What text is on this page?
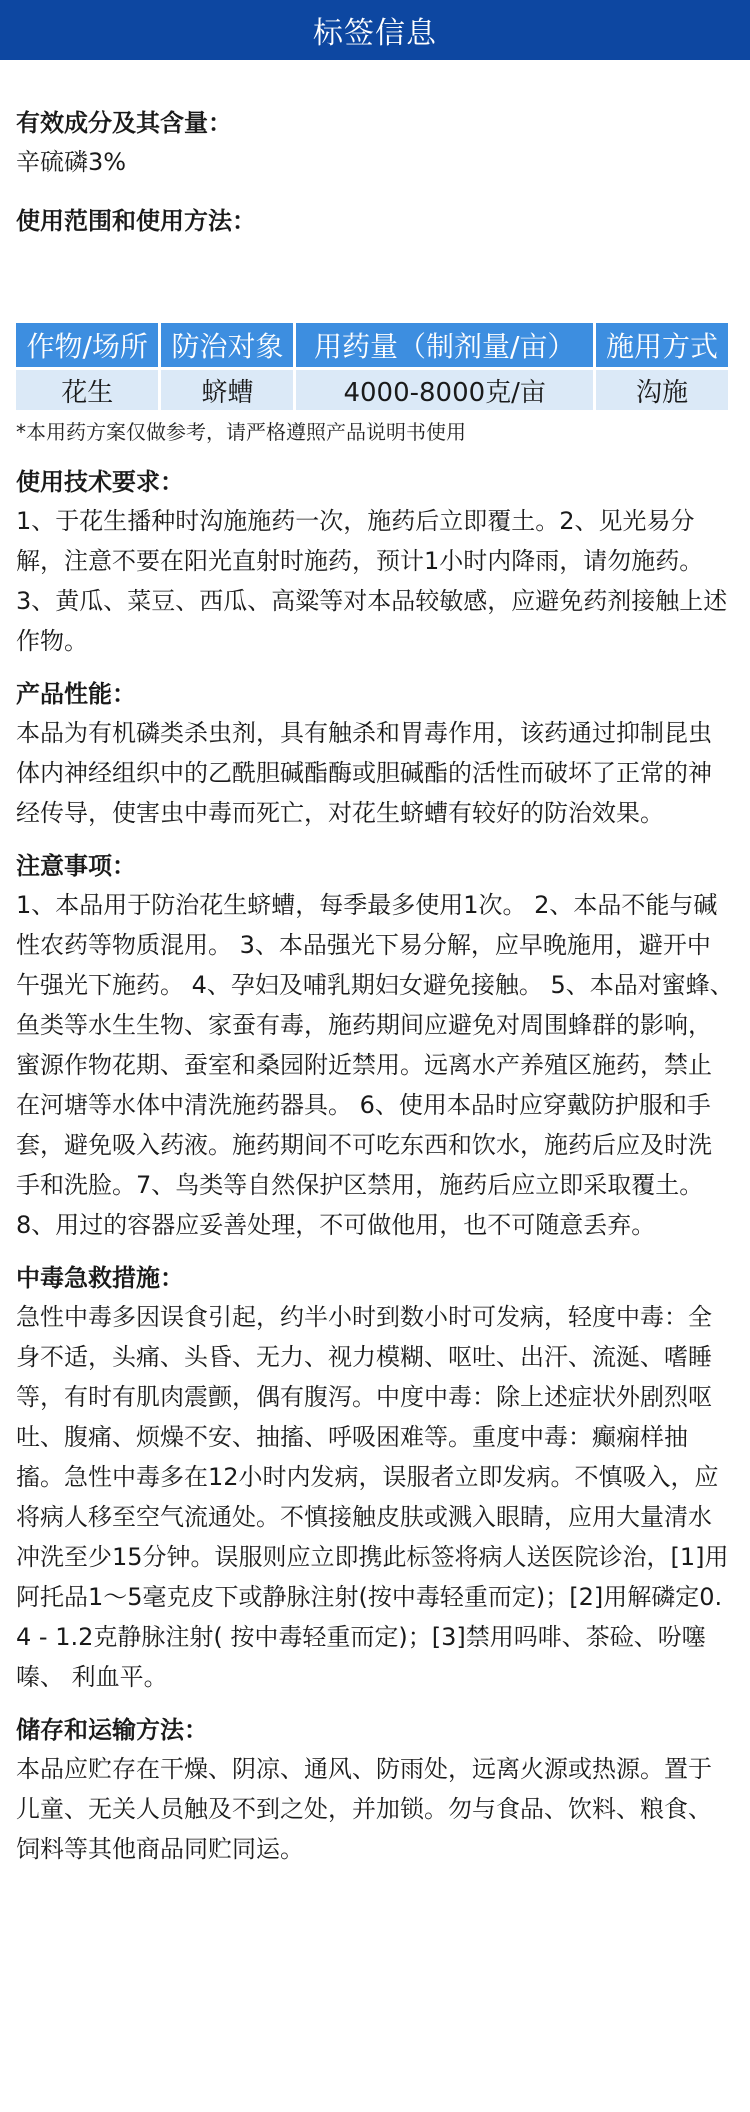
标签信息

有效成分及其含量：

辛硫磷3%

使用范围和使用方法：

作物/场所	防治对象	用药量（制剂量/亩）	施用方式
花生	蛴螬	4000-8000克/亩	沟施

*本用药方案仅做参考，请严格遵照产品说明书使用

使用技术要求：

1、于花生播种时沟施施药一次，施药后立即覆土。2、见光易分解，注意不要在阳光直射时施药，预计1小时内降雨，请勿施药。3、黄瓜、菜豆、西瓜、高粱等对本品较敏感，应避免药剂接触上述作物。

产品性能：

本品为有机磷类杀虫剂，具有触杀和胃毒作用，该药通过抑制昆虫体内神经组织中的乙酰胆碱酯酶或胆碱酯的活性而破坏了正常的神经传导，使害虫中毒而死亡，对花生蛴螬有较好的防治效果。

注意事项：

1、本品用于防治花生蛴螬，每季最多使用1次。 2、本品不能与碱性农药等物质混用。 3、本品强光下易分解，应早晚施用，避开中午强光下施药。 4、孕妇及哺乳期妇女避免接触。 5、本品对蜜蜂、鱼类等水生生物、家蚕有毒，施药期间应避免对周围蜂群的影响，蜜源作物花期、蚕室和桑园附近禁用。远离水产养殖区施药，禁止在河塘等水体中清洗施药器具。 6、使用本品时应穿戴防护服和手套，避免吸入药液。施药期间不可吃东西和饮水，施药后应及时洗手和洗脸。7、鸟类等自然保护区禁用，施药后应立即采取覆土。8、用过的容器应妥善处理，不可做他用，也不可随意丢弃。

中毒急救措施：

急性中毒多因误食引起，约半小时到数小时可发病，轻度中毒：全身不适，头痛、头昏、无力、视力模糊、呕吐、出汗、流涎、嗜睡等，有时有肌肉震颤，偶有腹泻。中度中毒：除上述症状外剧烈呕吐、腹痛、烦燥不安、抽搐、呼吸困难等。重度中毒：癫痫样抽搐。急性中毒多在12小时内发病，误服者立即发病。不慎吸入，应将病人移至空气流通处。不慎接触皮肤或溅入眼睛，应用大量清水冲洗至少15分钟。误服则应立即携此标签将病人送医院诊治，[1]用阿托品1～5毫克皮下或静脉注射(按中毒轻重而定)；[2]用解磷定0.4 - 1.2克静脉注射( 按中毒轻重而定)；[3]禁用吗啡、茶硷、吩噻嗪、 利血平。

储存和运输方法：

本品应贮存在干燥、阴凉、通风、防雨处，远离火源或热源。置于儿童、无关人员触及不到之处，并加锁。勿与食品、饮料、粮食、饲料等其他商品同贮同运。
